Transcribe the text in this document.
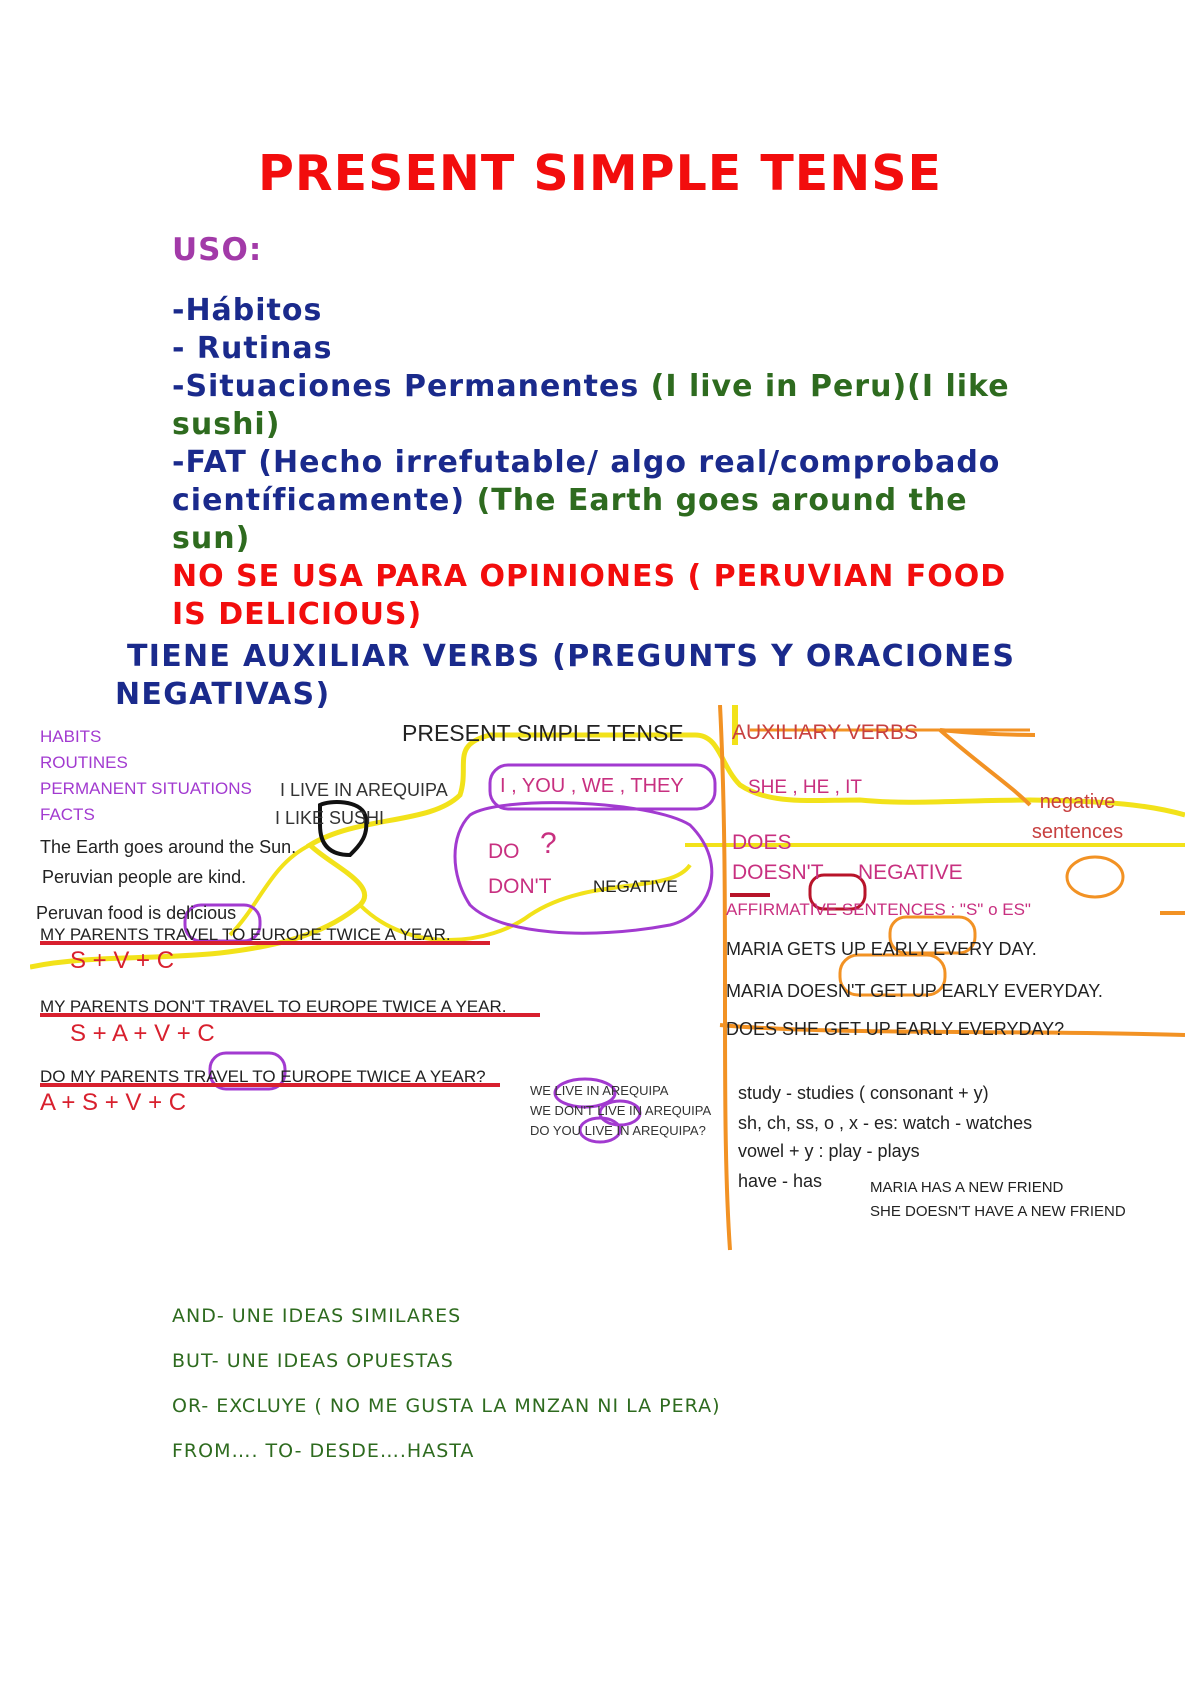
PRESENT SIMPLE TENSE
USO:

-Hábitos

- Rutinas

-Situaciones Permanentes (I live in Peru)(I like sushi)

-FAT (Hecho irrefutable/ algo real/comprobado científicamente) (The Earth goes around the sun)

NO SE USA PARA OPINIONES ( PERUVIAN FOOD IS DELICIOUS)

TIENE AUXILIAR VERBS (PREGUNTS Y ORACIONES

NEGATIVAS)

HABITS
ROUTINES
PERMANENT SITUATIONS
FACTS
PRESENT SIMPLE TENSE
I LIVE IN AREQUIPA
I LIKE SUSHI
The Earth goes around the Sun.
Peruvian people are kind.
Peruvan food is delicious
I , YOU , WE , THEY
DO ?
DON'T NEGATIVE
MY PARENTS TRAVEL TO EUROPE TWICE A YEAR.
S + V + C
MY PARENTS DON'T TRAVEL TO EUROPE TWICE A YEAR.
S + A + V + C
DO MY PARENTS TRAVEL TO EUROPE TWICE A YEAR?
A + S + V + C	WE LIVE IN AREQUIPA
WE DON'T LIVE IN AREQUIPA
DO YOU LIVE IN AREQUIPA?
AUXILIARY VERBS
SHE , HE , IT
DOES
DOESN'T NEGATIVE
negative sentences
AFFIRMATIVE SENTENCES : "S" o ES"
MARIA GETS UP EARLY EVERY DAY.
MARIA DOESN'T GET UP EARLY EVERYDAY.
DOES SHE GET UP EARLY EVERYDAY?
study - studies ( consonant + y)
sh, ch, ss, o , x - es: watch - watches
vowel + y : play - plays
have - has	MARIA HAS A NEW FRIEND
SHE DOESN'T HAVE A NEW FRIEND

AND- UNE IDEAS SIMILARES

BUT- UNE IDEAS OPUESTAS

OR- EXCLUYE ( NO ME GUSTA LA MNZAN NI LA PERA)

FROM…. TO- DESDE….HASTA
